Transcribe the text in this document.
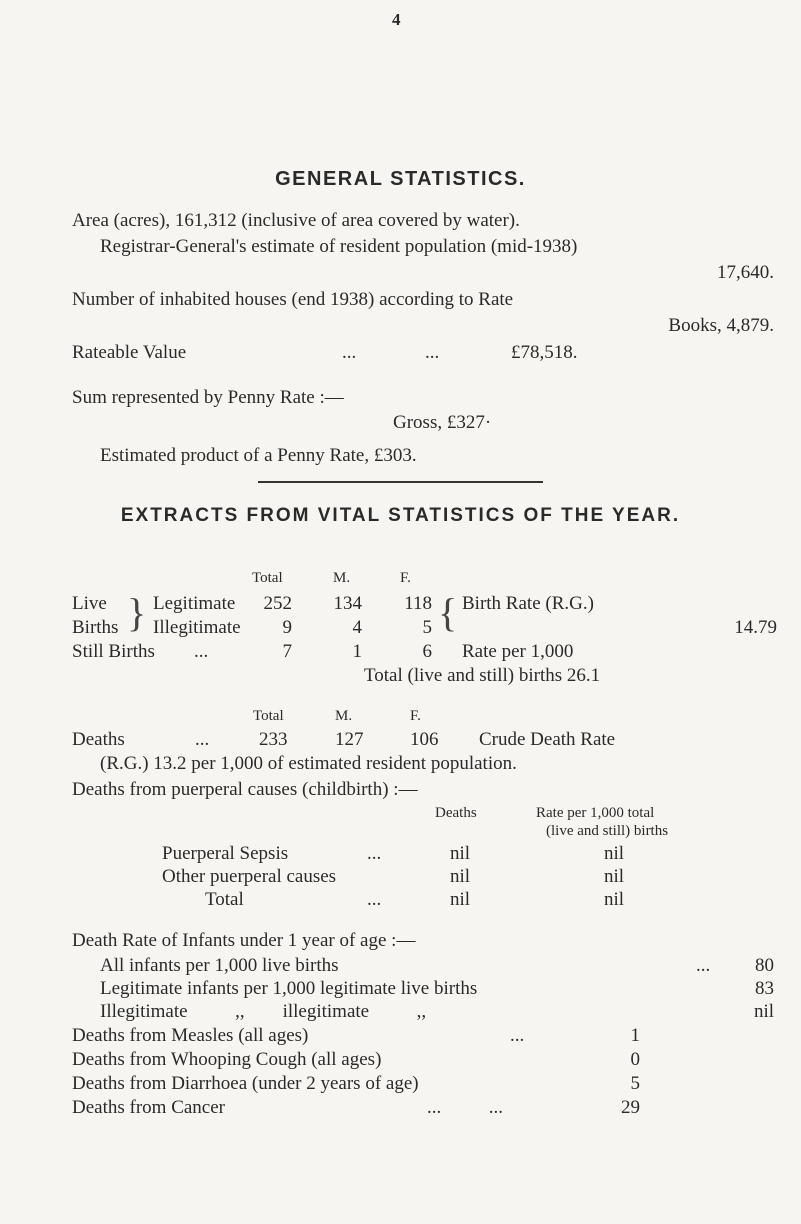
4
GENERAL STATISTICS.
Area (acres), 161,312 (inclusive of area covered by water).
Registrar-General's estimate of resident population (mid-1938)
17,640.
Number of inhabited houses (end 1938) according to Rate
Books, 4,879.
Rateable Value	...	...	£78,518.
Sum represented by Penny Rate :—
Gross, £327·
Estimated product of a Penny Rate, £303.
EXTRACTS FROM VITAL STATISTICS OF THE YEAR.
Total	M.	F.
Live
Births } Legitimate	252	134	118
Illegitimate	9	4	5 { Birth Rate (R.G.)
14.79
Still Births ...	7	1	6 Rate per 1,000
Total (live and still) births 26.1
Total	M.	F.
Deaths	...	233	127 106 Crude Death Rate
(R.G.) 13.2 per 1,000 of estimated resident population.
Deaths from puerperal causes (childbirth) :—
Deaths	Rate per 1,000 total
(live and still) births
Puerperal Sepsis	...	nil	nil
Other puerperal causes	nil	nil
Total	...	nil	nil
Death Rate of Infants under 1 year of age :—
All infants per 1,000 live births	...	80
Legitimate infants per 1,000 legitimate live births	83
Illegitimate          ,,        illegitimate          ,,	nil
Deaths from Measles (all ages)	...	1
Deaths from Whooping Cough (all ages)	0
Deaths from Diarrhoea (under 2 years of age)	5
Deaths from Cancer	...          ...	29
